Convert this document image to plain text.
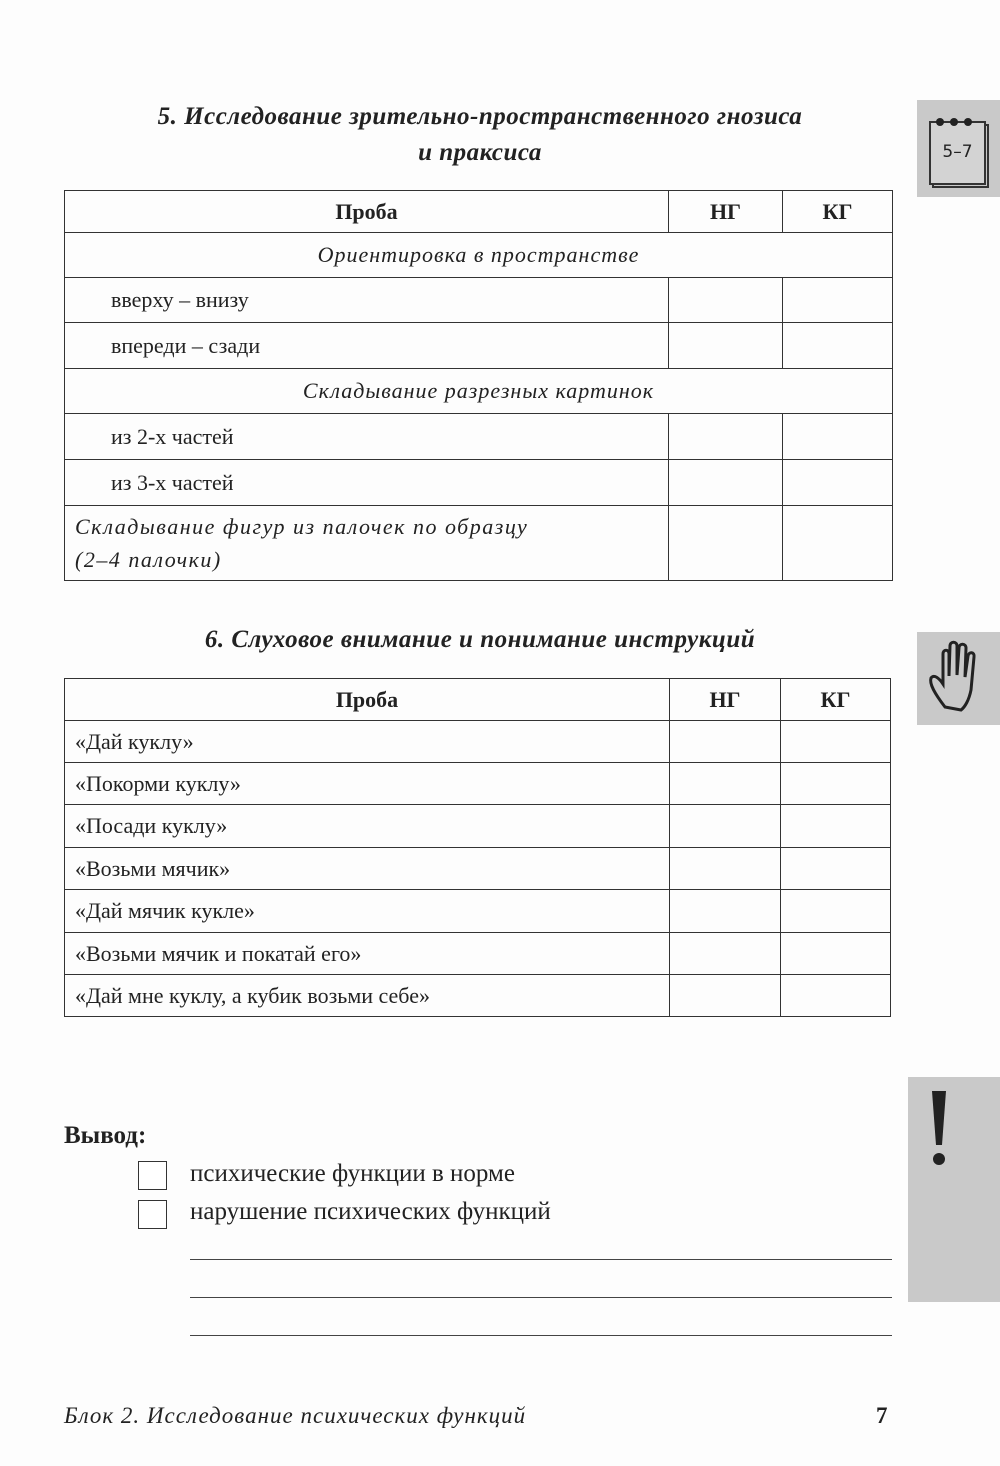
5. Исследование зрительно-пространственного гнозиса
и праксиса
Проба	НГ	КГ
Ориентировка в пространстве		
вверху – внизу		
впереди – сзади		
Складывание разрезных картинок		
из 2-х частей		
из 3-х частей		
Складывание фигур из палочек по образцу
(2–4 палочки)		
6. Слуховое внимание и понимание инструкций
Проба	НГ	КГ
«Дай куклу»		
«Покорми куклу»		
«Посади куклу»		
«Возьми мячик»		
«Дай мячик кукле»		
«Возьми мячик и покатай его»		
«Дай мне куклу, а кубик возьми себе»		
Вывод:
психические функции в норме
нарушение психических функций
Блок 2. Исследование психических функций	7
5–7
